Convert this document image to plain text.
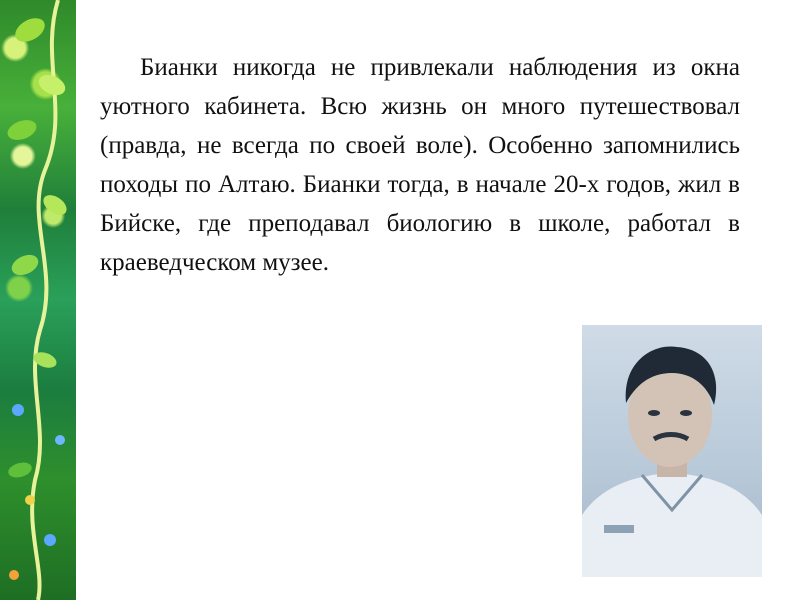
Бианки никогда не привлекали наблюдения из окна уютного кабинета. Всю жизнь он много путешествовал (правда, не всегда по своей воле). Особенно запомнились походы по Алтаю. Бианки тогда, в начале 20-х годов, жил в Бийске, где преподавал биологию в школе, работал в краеведческом музее.
